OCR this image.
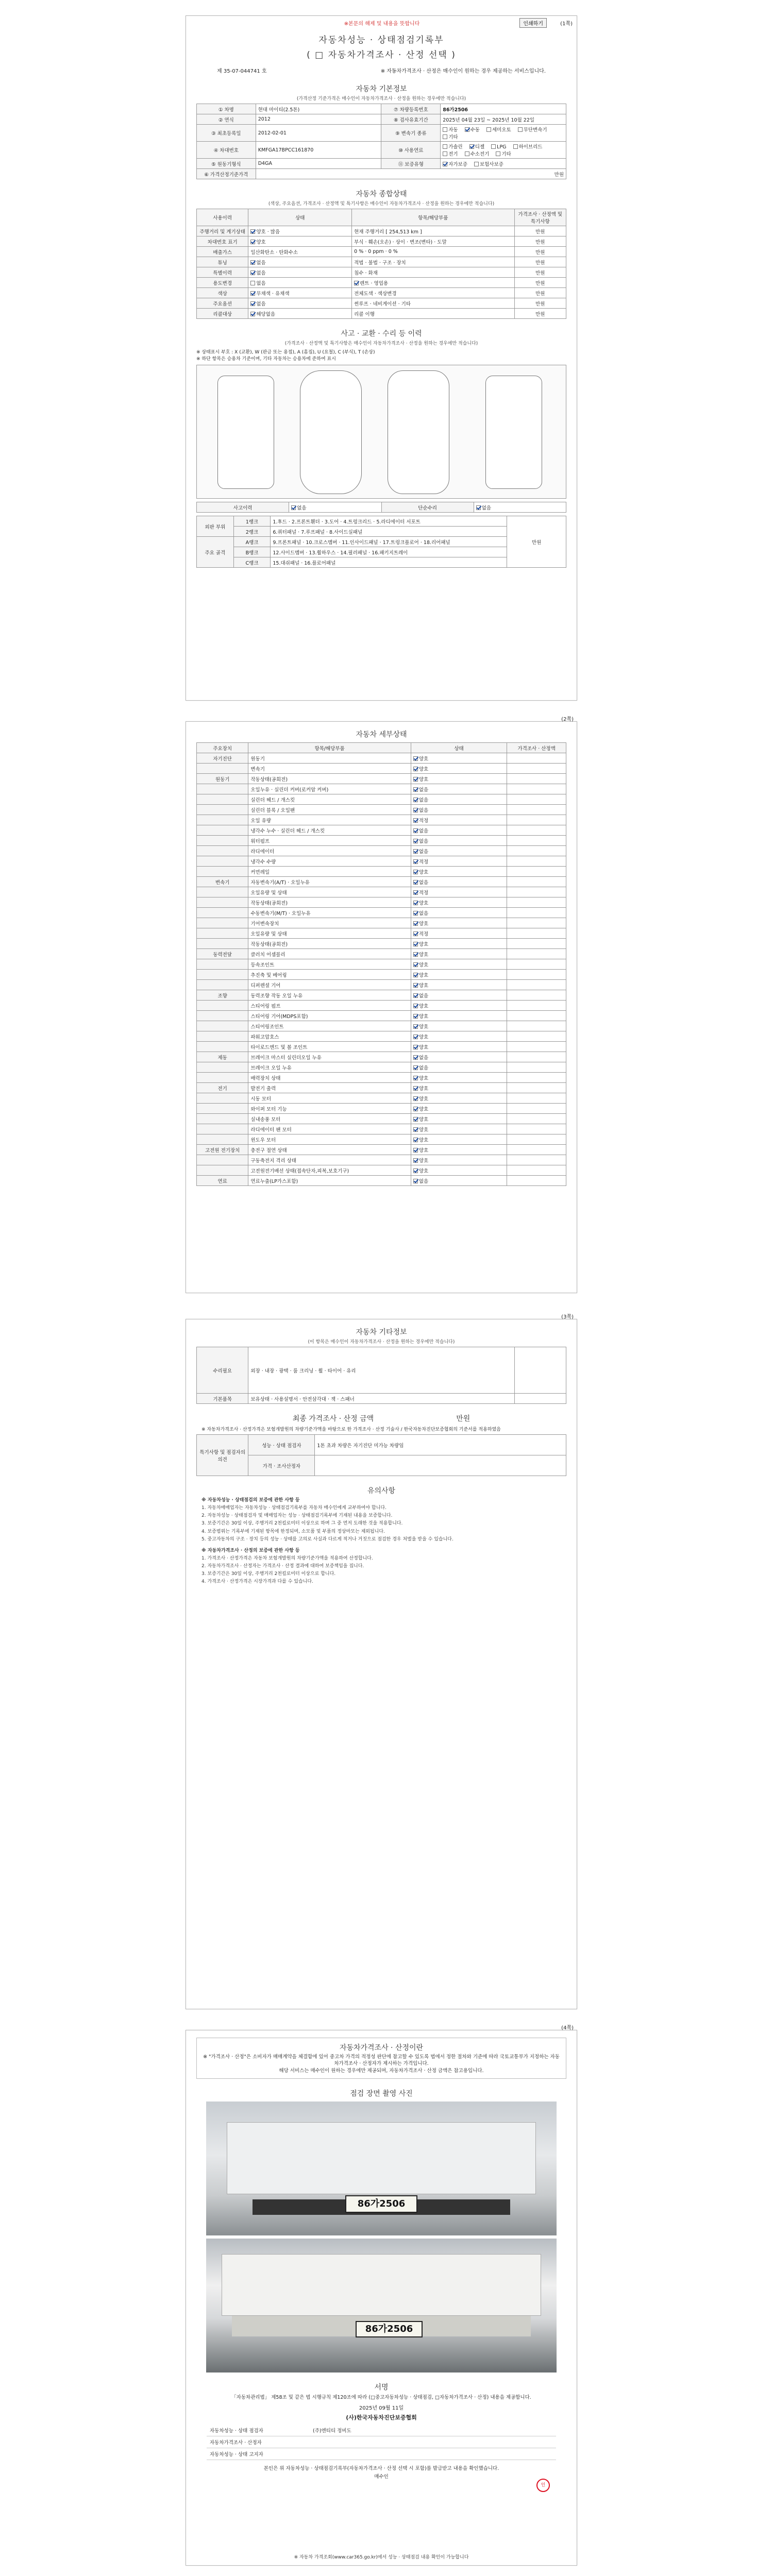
※본문의 해제 및 내용을 뜻합니다	인쇄하기	(1쪽)
자동차성능 · 상태점검기록부
( □ 자동차가격조사 · 산정 선택 )
제 35-07-044741 호	※ 자동차가격조사 · 산정은 매수인이 원하는 경우 제공하는 서비스입니다.
자동차 기본정보
(가격산정 기준가격은 매수인이 자동차가격조사 · 산정을 원하는 경우에만 적습니다)
① 차명	현대 마이티(2.5톤)	⑦ 차량등록번호	86가2506
② 연식	2012	⑧ 검사유효기간	2025년 04월 23일 ~ 2025년 10월 22일
③ 최초등록일	2012-02-01	⑨ 변속기 종류	자동 수동 세미오토 무단변속기 기타
④ 차대번호	KMFGA17BPCC161870	⑩ 사용연료	가솔린 디젤 LPG 하이브리드 전기 수소전기 기타
⑤ 원동기형식	D4GA	⑪ 보증유형	자가보증 보험사보증
⑥ 가격산정기준가격	만원		
자동차 종합상태
(색상, 주요옵션, 가격조사 · 산정액 및 특기사항은 매수인이 자동차가격조사 · 산정을 원하는 경우에만 적습니다)
사용이력	상태	항목/해당부품	가격조사 · 산정액 및 특기사항
주행거리 및 계기상태	양호 · 많음	현재 주행거리 [ 254,513 km ]	만원
차대번호 표기	양호	부식 · 훼손(오손) · 상이 · 변조(변타) · 도말	만원
배출가스	일산화탄소 · 탄화수소	0 % · 0 ppm · 0 %	만원
튜닝	없음	적법 · 불법 · 구조 · 장치	만원
특별이력	없음	침수 · 화재	만원
용도변경	없음	렌트 · 영업용	만원
색상	무채색 · 유채색	전체도색 · 색상변경	만원
주요옵션	없음	썬루프 · 네비게이션 · 기타	만원
리콜대상	해당없음	리콜 이행	만원
사고 · 교환 · 수리 등 이력
(가격조사 · 산정액 및 특기사항은 매수인이 자동차가격조사 · 산정을 원하는 경우에만 적습니다)
※ 상태표시 부호 : X (교환), W (판금 또는 용접), A (흠집), U (요철), C (부식), T (손상)
※ 하단 항목은 승용차 기준이며, 기타 자동차는 승용차에 준하여 표시
사고이력	없음	단순수리	없음
외판 부위	1랭크	1.후드 · 2.프론트휀더 · 3.도어 · 4.트렁크리드 · 5.라디에이터 서포트	만원
	2랭크	6.쿼터패널 · 7.루프패널 · 8.사이드실패널	
주요 골격	A랭크	9.프론트패널 · 10.크로스멤버 · 11.인사이드패널 · 17.트렁크플로어 · 18.리어패널	
	B랭크	12.사이드멤버 · 13.휠하우스 · 14.필러패널 · 16.패키지트레이	
	C랭크	15.대쉬패널 · 16.플로어패널	
(2쪽)
자동차 세부상태
주요장치	항목/해당부품	상태	가격조사 · 산정액
자기진단	원동기	양호	
	변속기	양호	
원동기	작동상태(공회전)	양호	
	오일누유 · 실린더 커버(로커암 커버)	없음	
	실린더 헤드 / 개스킷	없음	
	실린더 블록 / 오일팬	없음	
	오일 유량	적정	
	냉각수 누수 · 실린더 헤드 / 개스킷	없음	
	워터펌프	없음	
	라디에이터	없음	
	냉각수 수량	적정	
	커먼레일	양호	
변속기	자동변속기(A/T) · 오일누유	없음	
	오일유량 및 상태	적정	
	작동상태(공회전)	양호	
	수동변속기(M/T) · 오일누유	없음	
	기어변속장치	양호	
	오일유량 및 상태	적정	
	작동상태(공회전)	양호	
동력전달	클러치 어셈블리	양호	
	등속조인트	양호	
	추진축 및 베어링	양호	
	디퍼렌셜 기어	양호	
조향	동력조향 작동 오일 누유	없음	
	스티어링 펌프	양호	
	스티어링 기어(MDPS포함)	양호	
	스티어링조인트	양호	
	파워고압호스	양호	
	타이로드엔드 및 볼 조인트	양호	
제동	브레이크 마스터 실린더오일 누유	없음	
	브레이크 오일 누유	없음	
	배력장치 상태	양호	
전기	발전기 출력	양호	
	시동 모터	양호	
	와이퍼 모터 기능	양호	
	실내송풍 모터	양호	
	라디에이터 팬 모터	양호	
	윈도우 모터	양호	
고전원 전기장치	충전구 절연 상태	양호	
	구동축전지 격리 상태	양호	
	고전원전기배선 상태(접속단자,피복,보호기구)	양호	
연료	연료누출(LP가스포함)	없음	
(3쪽)
자동차 기타정보
(이 항목은 매수인이 자동차가격조사 · 산정을 원하는 경우에만 적습니다)
수리필요	외장 · 내장 · 광택 · 룸 크리닝 · 휠 · 타이어 · 유리	
기본품목	보유상태 · 사용설명서 · 안전삼각대 · 잭 · 스패너	
최종 가격조사 · 산정 금액	만원
※ 자동차가격조사 · 산정가격은 보험개발원의 차량기준가액을 바탕으로 한 가격조사 · 산정 기술사 / 한국자동차진단보증협회의 기준서를 적용하였음
특기사항 및 점검자의 의견	성능 · 상태 점검자	1톤 초과 차량은 자기진단 미가능 차량임
	가격 · 조사산정자	
유의사항

※ 자동차성능 · 상태점검의 보증에 관한 사항 등

1. 자동차매매업자는 자동차성능 · 상태점검기록부를 자동차 매수인에게 교부하여야 합니다.

2. 자동차성능 · 상태점검자 및 매매업자는 성능 · 상태점검기록부에 기재된 내용을 보증합니다.

3. 보증기간은 30일 이상, 주행거리 2천킬로미터 이상으로 하며 그 중 먼저 도래한 것을 적용합니다.

4. 보증범위는 기록부에 기재된 항목에 한정되며, 소모품 및 부품의 정상마모는 제외됩니다.

5. 중고자동차의 구조 · 장치 등의 성능 · 상태를 고의로 사실과 다르게 적거나 거짓으로 점검한 경우 처벌을 받을 수 있습니다.

※ 자동차가격조사 · 산정의 보증에 관한 사항 등

1. 가격조사 · 산정가격은 자동차 보험개발원의 차량기준가액을 적용하여 산정합니다.

2. 자동차가격조사 · 산정자는 가격조사 · 산정 결과에 대하여 보증책임을 집니다.

3. 보증기간은 30일 이상, 주행거리 2천킬로미터 이상으로 합니다.

4. 가격조사 · 산정가격은 시장가격과 다를 수 있습니다.

(4쪽)
자동차가격조사 · 산정이란
※ "가격조사 · 산정"은 소비자가 매매계약을 체결함에 있어 중고차 가격의 적정성 판단에 참고할 수 있도록 법에서 정한 절차와 기준에 따라 국토교통부가 지정하는 자동차가격조사 · 산정자가 제시하는 가격입니다.
해당 서비스는 매수인이 원하는 경우에만 제공되며, 자동차가격조사 · 산정 금액은 참고용입니다.
점검 장면 촬영 사진
86가2506
86가2506
서명
「자동차관리법」 제58조 및 같은 법 시행규칙 제120조에 따라 (□중고자동차성능 · 상태점검, □자동차가격조사 · 산정) 내용을 제공합니다.
2025년 09월 11일
(사)한국자동차진단보증협회
자동차성능 · 상태 점검자	(주)엔티티 정비도
자동차가격조사 · 산정자
자동차성능 · 상태 고지자
본인은 위 자동차성능 · 상태점검기록부(자동차가격조사 · 산정 선택 시 포함)를 발급받고 내용을 확인했습니다.
매수인
인
※ 자동차 가격조회(www.car365.go.kr)에서 성능 · 상태점검 내용 확인이 가능합니다
